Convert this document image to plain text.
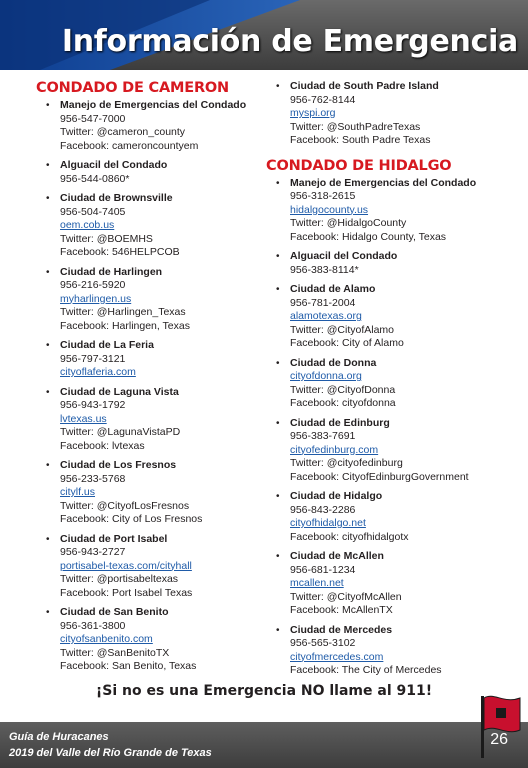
Información de Emergencia
CONDADO DE CAMERON
• Manejo de Emergencias del Condado
956-547-7000
Twitter: @cameron_county
Facebook: cameroncountyem
• Alguacil del Condado
956-544-0860*
• Ciudad de Brownsville
956-504-7405
oem.cob.us
Twitter: @BOEMHS
Facebook: 546HELPCOB
• Ciudad de Harlingen
956-216-5920
myharlingen.us
Twitter: @Harlingen_Texas
Facebook: Harlingen, Texas
• Ciudad de La Feria
956-797-3121
cityoflaferia.com
• Ciudad de Laguna Vista
956-943-1792
lvtexas.us
Twitter: @LagunaVistaPD
Facebook: lvtexas
• Ciudad de Los Fresnos
956-233-5768
citylf.us
Twitter: @CityofLosFresnos
Facebook: City of Los Fresnos
• Ciudad de Port Isabel
956-943-2727
portisabel-texas.com/cityhall
Twitter: @portisabeltexas
Facebook: Port Isabel Texas
• Ciudad de San Benito
956-361-3800
cityofsanbenito.com
Twitter: @SanBenitoTX
Facebook: San Benito, Texas
• Ciudad de South Padre Island
956-762-8144
myspi.org
Twitter: @SouthPadreTexas
Facebook: South Padre Texas
CONDADO DE HIDALGO
• Manejo de Emergencias del Condado
956-318-2615
hidalgocounty.us
Twitter: @HidalgoCounty
Facebook: Hidalgo County, Texas
• Alguacil del Condado
956-383-8114*
• Ciudad de Alamo
956-781-2004
alamotexas.org
Twitter: @CityofAlamo
Facebook: City of Alamo
• Ciudad de Donna
cityofdonna.org
Twitter: @CityofDonna
Facebook: cityofdonna
• Ciudad de Edinburg
956-383-7691
cityofedinburg.com
Twitter: @cityofedinburg
Facebook: CityofEdinburgGovernment
• Ciudad de Hidalgo
956-843-2286
cityofhidalgo.net
Facebook: cityofhidalgotx
• Ciudad de McAllen
956-681-1234
mcallen.net
Twitter: @CityofMcAllen
Facebook: McAllenTX
• Ciudad de Mercedes
956-565-3102
cityofmercedes.com
Facebook: The City of Mercedes
¡Si no es una Emergencia NO llame al 911!
Guía de Huracanes
2019 del Valle del Río Grande de Texas
26
